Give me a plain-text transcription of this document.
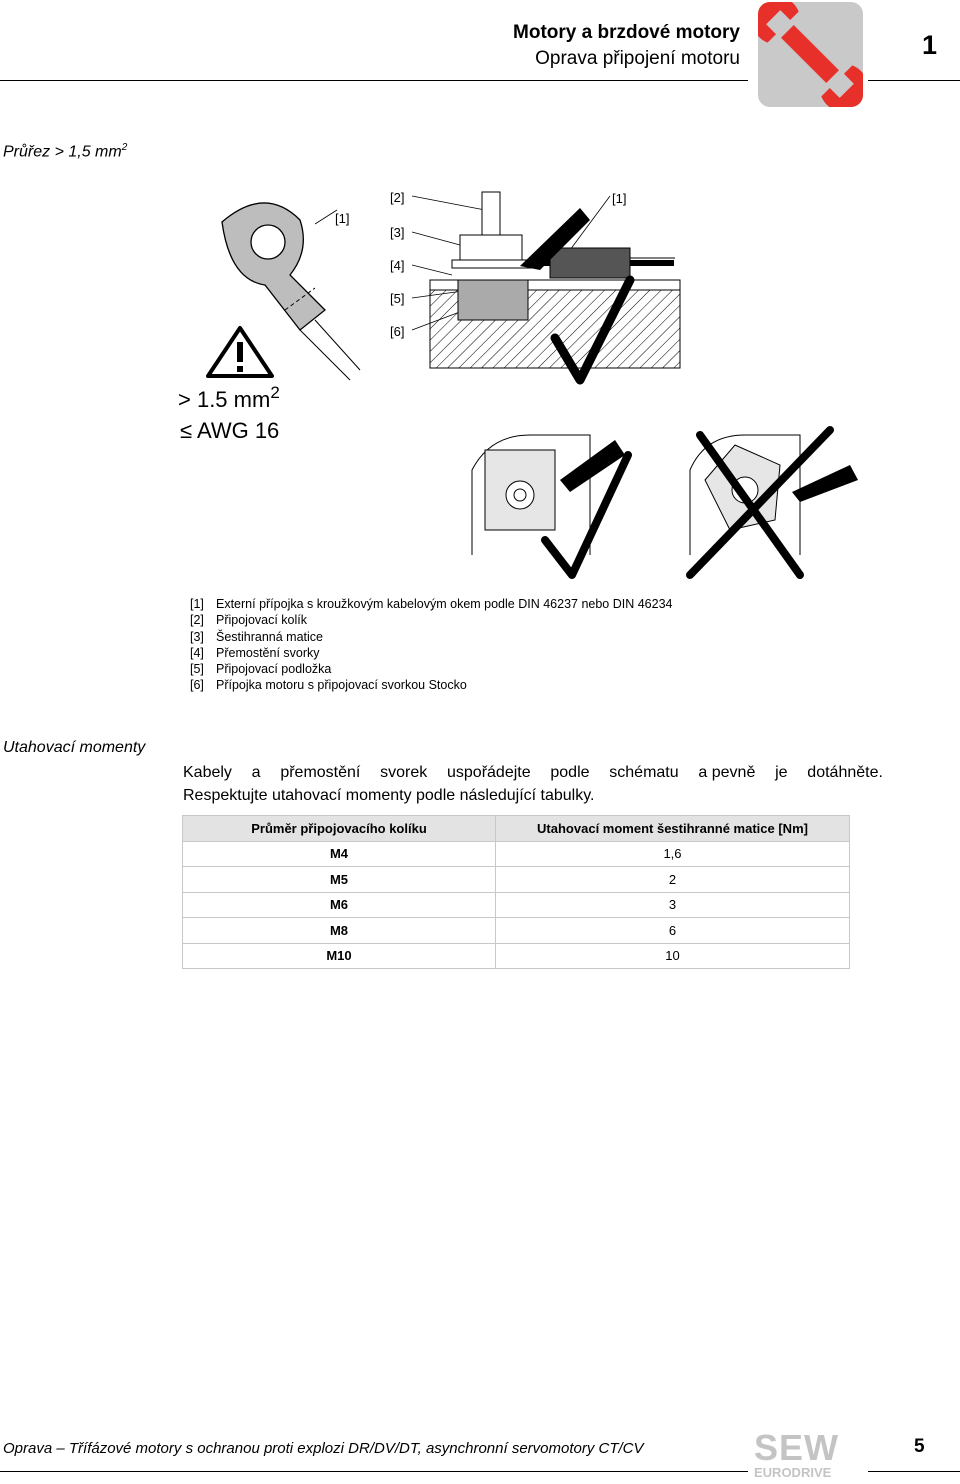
Motory a brzdové motory
Oprava připojení motoru	1
Průřez > 1,5 $mm^2$
[1]
> 1.5 $mm^2$
≤ AWG 16
[2]
[3]
[4]
[5]
[6]
[1]
[1] Externí přípojka s kroužkovým kabelovým okem podle DIN 46237 nebo DIN 46234
[2] Připojovací kolík
[3] Šestihranná matice
[4] Přemostění svorky
[5] Připojovací podložka
[6] Přípojka motoru s připojovací svorkou Stocko
Utahovací momenty
Kabely a přemostění svorek uspořádejte podle schématu a pevně je dotáhněte.
Respektujte utahovací momenty podle následující tabulky.
Průměr připojovacího kolíku	Utahovací moment šestihranné matice [Nm]
M4	1,6
M5	2
M6	3
M8	6
M10	10
Oprava – Třífázové motory s ochranou proti explozi DR/DV/DT, asynchronní servomotory CT/CV	SEW
EURODRIVE
5
